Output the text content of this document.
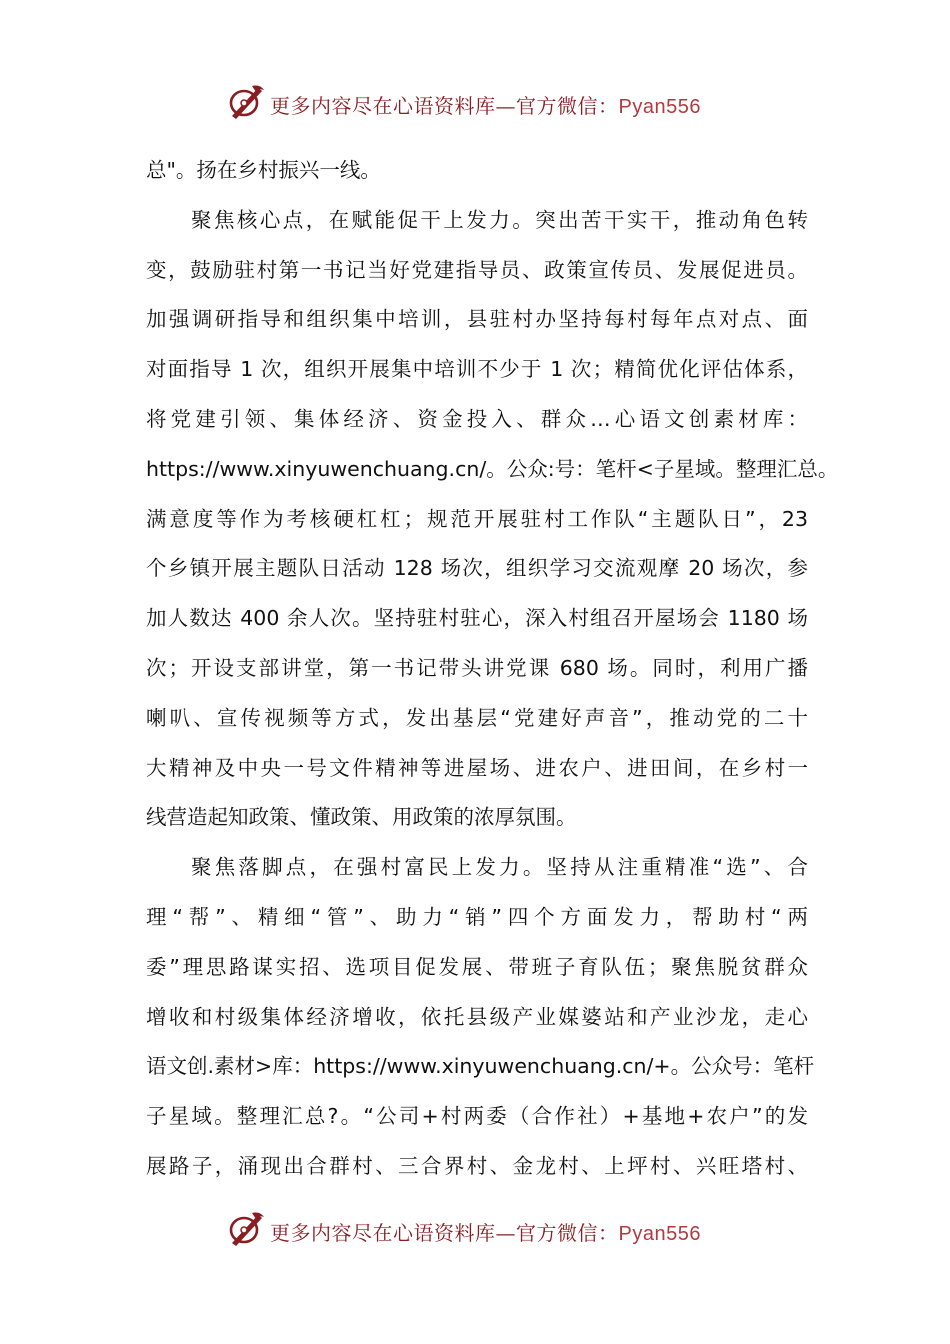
更多内容尽在心语资料库—官方微信：Pyan556
总"。扬在乡村振兴一线。
聚焦核心点，在赋能促干上发力。突出苦干实干，推动角色转
变，鼓励驻村第一书记当好党建指导员、政策宣传员、发展促进员。
加强调研指导和组织集中培训，县驻村办坚持每村每年点对点、面
对面指导 1 次，组织开展集中培训不少于 1 次；精简优化评估体系，
将党建引领、集体经济、资金投入、群众…心语文创素材库：
https://www.xinyuwenchuang.cn/。公众:号：笔杆<子星域。整理汇总。
满意度等作为考核硬杠杠；规范开展驻村工作队“主题队日”，23
个乡镇开展主题队日活动 128 场次，组织学习交流观摩 20 场次，参
加人数达 400 余人次。坚持驻村驻心，深入村组召开屋场会 1180 场
次；开设支部讲堂，第一书记带头讲党课 680 场。同时，利用广播
喇叭、宣传视频等方式，发出基层“党建好声音”，推动党的二十
大精神及中央一号文件精神等进屋场、进农户、进田间，在乡村一
线营造起知政策、懂政策、用政策的浓厚氛围。
聚焦落脚点，在强村富民上发力。坚持从注重精准“选”、合
理“帮”、精细“管”、助力“销”四个方面发力，帮助村“两
委”理思路谋实招、选项目促发展、带班子育队伍；聚焦脱贫群众
增收和村级集体经济增收，依托县级产业媒婆站和产业沙龙，走心
语文创.素材>库：https://www.xinyuwenchuang.cn/+。公众号：笔杆
子星域。整理汇总?。“公司+村两委（合作社）+基地+农户”的发
展路子，涌现出合群村、三合界村、金龙村、上坪村、兴旺塔村、
更多内容尽在心语资料库—官方微信：Pyan556
